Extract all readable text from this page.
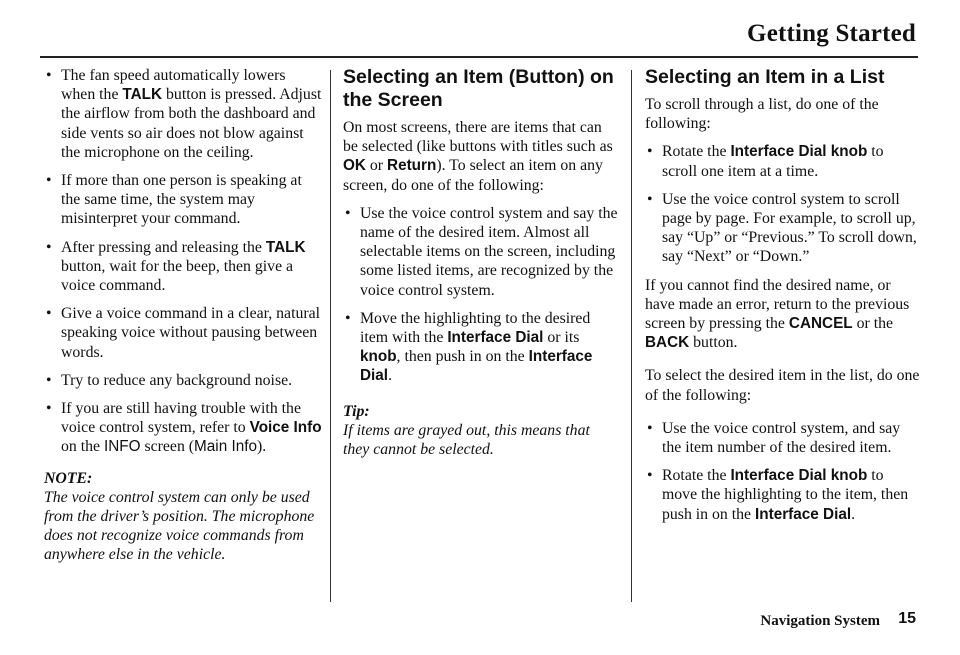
Getting Started
• The fan speed automatically lowers when the TALK button is pressed. Adjust the airflow from both the dashboard and side vents so air does not blow against the microphone on the ceiling.
• If more than one person is speaking at the same time, the system may misinterpret your command.
• After pressing and releasing the TALK button, wait for the beep, then give a voice command.
• Give a voice command in a clear, natural speaking voice without pausing between words.
• Try to reduce any background noise.
• If you are still having trouble with the voice control system, refer to Voice Info on the INFO screen (Main Info).

NOTE:
The voice control system can only be used from the driver’s position. The microphone does not recognize voice commands from anywhere else in the vehicle.

Selecting an Item (Button) on the Screen

On most screens, there are items that can be selected (like buttons with titles such as OK or Return). To select an item on any screen, do one of the following:

• Use the voice control system and say the name of the desired item. Almost all selectable items on the screen, including some listed items, are recognized by the voice control system.
• Move the highlighting to the desired item with the Interface Dial or its knob, then push in on the Interface Dial.

Tip:
If items are grayed out, this means that they cannot be selected.

Selecting an Item in a List

To scroll through a list, do one of the following:

• Rotate the Interface Dial knob to scroll one item at a time.
• Use the voice control system to scroll page by page. For example, to scroll up, say “Up” or “Previous.” To scroll down, say “Next” or “Down.”

If you cannot find the desired name, or have made an error, return to the previous screen by pressing the CANCEL or the BACK button.

To select the desired item in the list, do one of the following:

• Use the voice control system, and say the item number of the desired item.
• Rotate the Interface Dial knob to move the highlighting to the item, then push in on the Interface Dial.
Navigation System 15
